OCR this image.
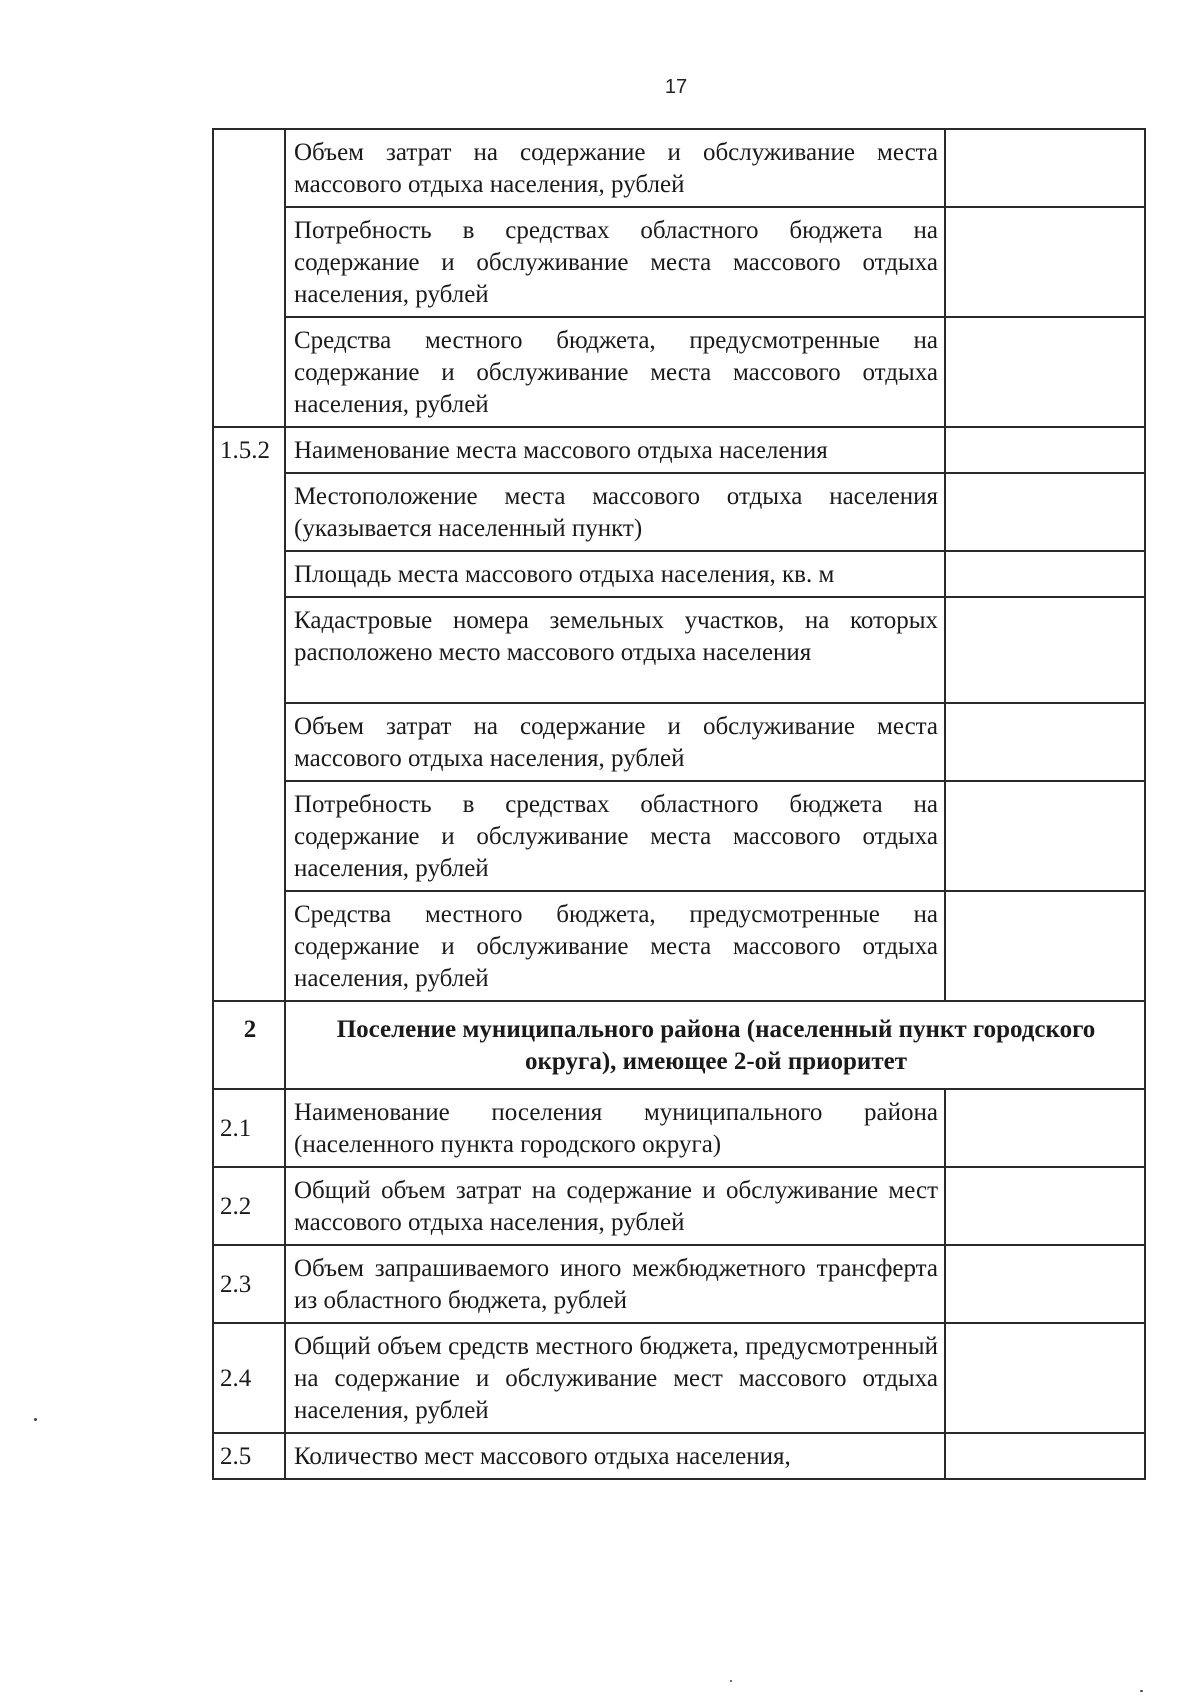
17
	Объем затрат на содержание и обслуживание места массового отдыха населения, рублей	
	Потребность в средствах областного бюджета на содержание и обслуживание места массового отдыха населения, рублей	
	Средства местного бюджета, предусмотренные на содержание и обслуживание места массового отдыха населения, рублей	
1.5.2	Наименование места массового отдыха населения	
	Местоположение места массового отдыха населения (указывается населенный пункт)	
	Площадь места массового отдыха населения, кв. м	
	Кадастровые номера земельных участков, на которых расположено место массового отдыха населения	
	Объем затрат на содержание и обслуживание места массового отдыха населения, рублей	
	Потребность в средствах областного бюджета на содержание и обслуживание места массового отдыха населения, рублей	
	Средства местного бюджета, предусмотренные на содержание и обслуживание места массового отдыха населения, рублей	
2	Поселение муниципального района (населенный пункт городского округа), имеющее 2-ой приоритет	
2.1	Наименование поселения муниципального района (населенного пункта городского округа)	
2.2	Общий объем затрат на содержание и обслуживание мест массового отдыха населения, рублей	
2.3	Объем запрашиваемого иного межбюджетного трансферта из областного бюджета, рублей	
2.4	Общий объем средств местного бюджета, предусмотренный на содержание и обслуживание мест массового отдыха населения, рублей	
2.5	Количество мест массового отдыха населения,	
